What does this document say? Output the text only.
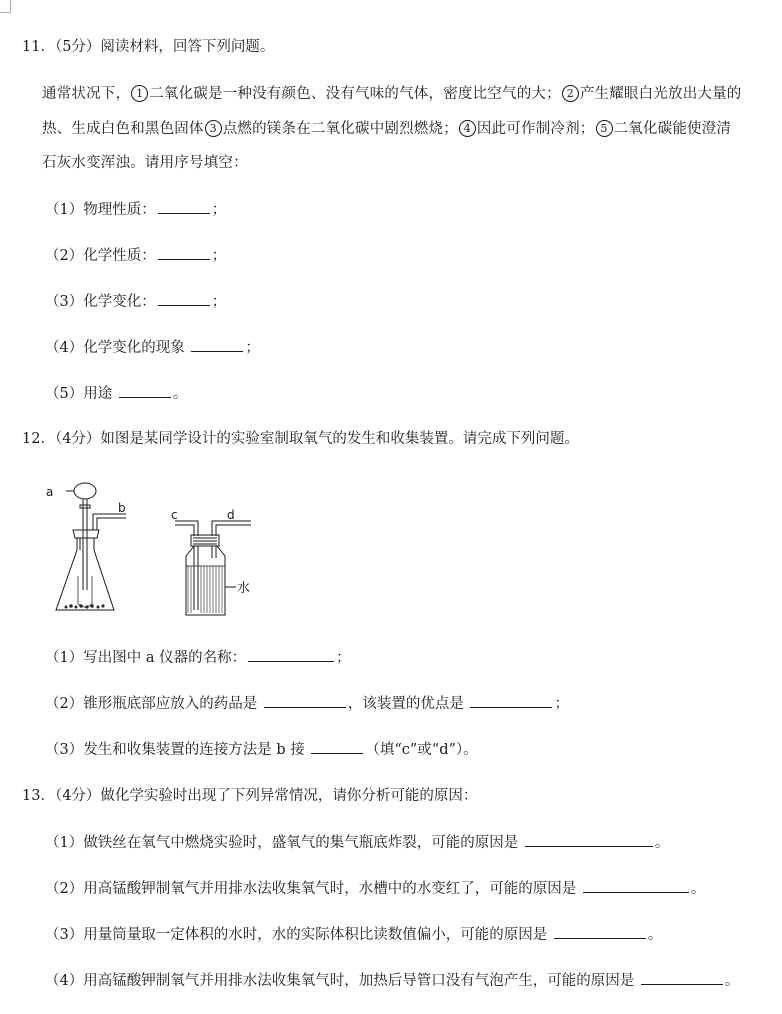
11．（5分）阅读材料，回答下列问题。
通常状况下， 1 二氧化碳是一种没有颜色、没有气味的气体，密度比空气的大； 2 产生耀眼白光放出大量的
热、生成白色和黑色固体 3 点燃的镁条在二氧化碳中剧烈燃烧； 4 因此可作制冷剂； 5 二氧化碳能使澄清
石灰水变浑浊。请用序号填空：
（1）物理性质：	；
（2）化学性质：	；
（3）化学变化：	；
（4）化学变化的现象	；
（5）用途	。
12．（4分）如图是某同学设计的实验室制取氧气的发生和收集装置。请完成下列问题。
a
b	c	d
水
（1）写出图中 a 仪器的名称：	；
（2）锥形瓶底部应放入的药品是	，该装置的优点是	；
（3）发生和收集装置的连接方法是 b 接	（填“c”或“d”）。
13．（4分）做化学实验时出现了下列异常情况，请你分析可能的原因：
（1）做铁丝在氧气中燃烧实验时，盛氧气的集气瓶底炸裂，可能的原因是	。
（2）用高锰酸钾制氧气并用排水法收集氧气时，水槽中的水变红了，可能的原因是	。
（3）用量筒量取一定体积的水时，水的实际体积比读数值偏小，可能的原因是	。
（4）用高锰酸钾制氧气并用排水法收集氧气时，加热后导管口没有气泡产生，可能的原因是	。
